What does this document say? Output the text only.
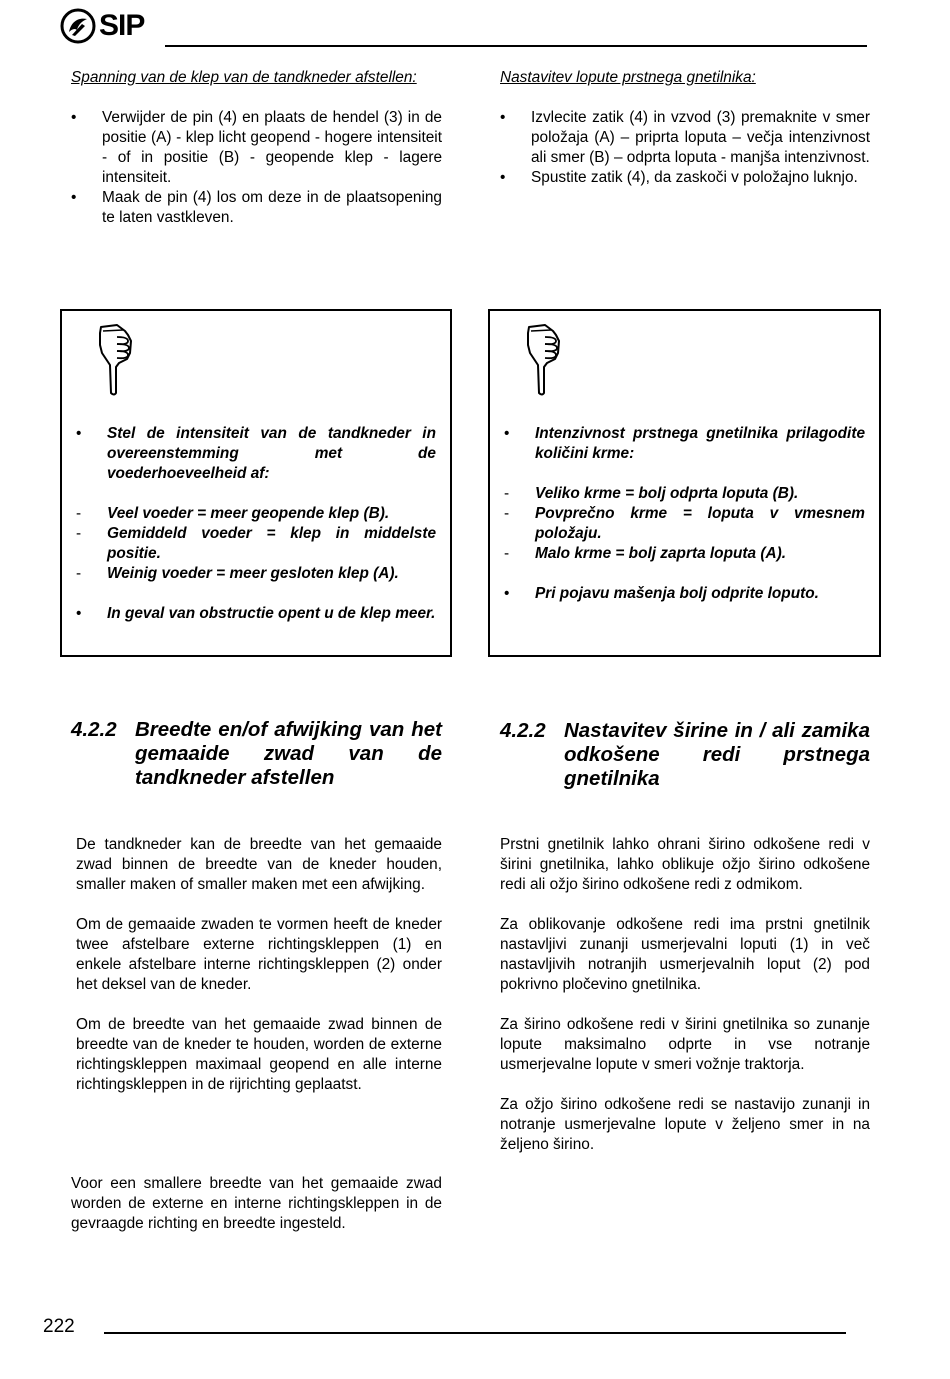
SIP

Spanning van de klep van de tandkneder afstellen:

• Verwijder de pin (4) en plaats de hendel (3) in de positie (A) - klep licht geopend - hogere intensiteit - of in positie (B) - geopende klep - lagere intensiteit.
• Maak de pin (4) los om deze in de plaatsopening te laten vastkleven.

Nastavitev lopute prstnega gnetilnika:

• Izvlecite zatik (4) in vzvod (3) premaknite v smer položaja (A) – priprta loputa – večja intenzivnost ali smer (B) – odprta loputa - manjša intenzivnost.
• Spustite zatik (4), da zaskoči v položajno luknjo.
• Stel de intensiteit van de tandkneder in overeenstemming met de voederhoeveelheid af:
- Veel voeder = meer geopende klep (B).
- Gemiddeld voeder = klep in middelste positie.
- Weinig voeder = meer gesloten klep (A).
• In geval van obstructie opent u de klep meer.
• Intenzivnost prstnega gnetilnika prilagodite količini krme:
- Veliko krme = bolj odprta loputa (B).
- Povprečno krme = loputa v vmesnem položaju.
- Malo krme = bolj zaprta loputa (A).
• Pri pojavu mašenja bolj odprite loputo.
4.2.2 Breedte en/of afwijking van het gemaaide zwad van de tandkneder afstellen
4.2.2 Nastavitev širine in / ali zamika odkošene redi prstnega gnetilnika

De tandkneder kan de breedte van het gemaaide zwad binnen de breedte van de kneder houden, smaller maken of smaller maken met een afwijking.

Om de gemaaide zwaden te vormen heeft de kneder twee afstelbare externe richtingskleppen (1) en enkele afstelbare interne richtingskleppen (2) onder het deksel van de kneder.

Om de breedte van het gemaaide zwad binnen de breedte van de kneder te houden, worden de externe richtingskleppen maximaal geopend en alle interne richtingskleppen in de rijrichting geplaatst.

Voor een smallere breedte van het gemaaide zwad worden de externe en interne richtingskleppen in de gevraagde richting en breedte ingesteld.

Prstni gnetilnik lahko ohrani širino odkošene redi v širini gnetilnika, lahko oblikuje ožjo širino odkošene redi ali ožjo širino odkošene redi z odmikom.

Za oblikovanje odkošene redi ima prstni gnetilnik nastavljivi zunanji usmerjevalni loputi (1) in več nastavljivih notranjih usmerjevalnih loput (2) pod pokrivno pločevino gnetilnika.

Za širino odkošene redi v širini gnetilnika so zunanje lopute maksimalno odprte in vse notranje usmerjevalne lopute v smeri vožnje traktorja.

Za ožjo širino odkošene redi se nastavijo zunanji in notranje usmerjevalne lopute v željeno smer in na željeno širino.

222
